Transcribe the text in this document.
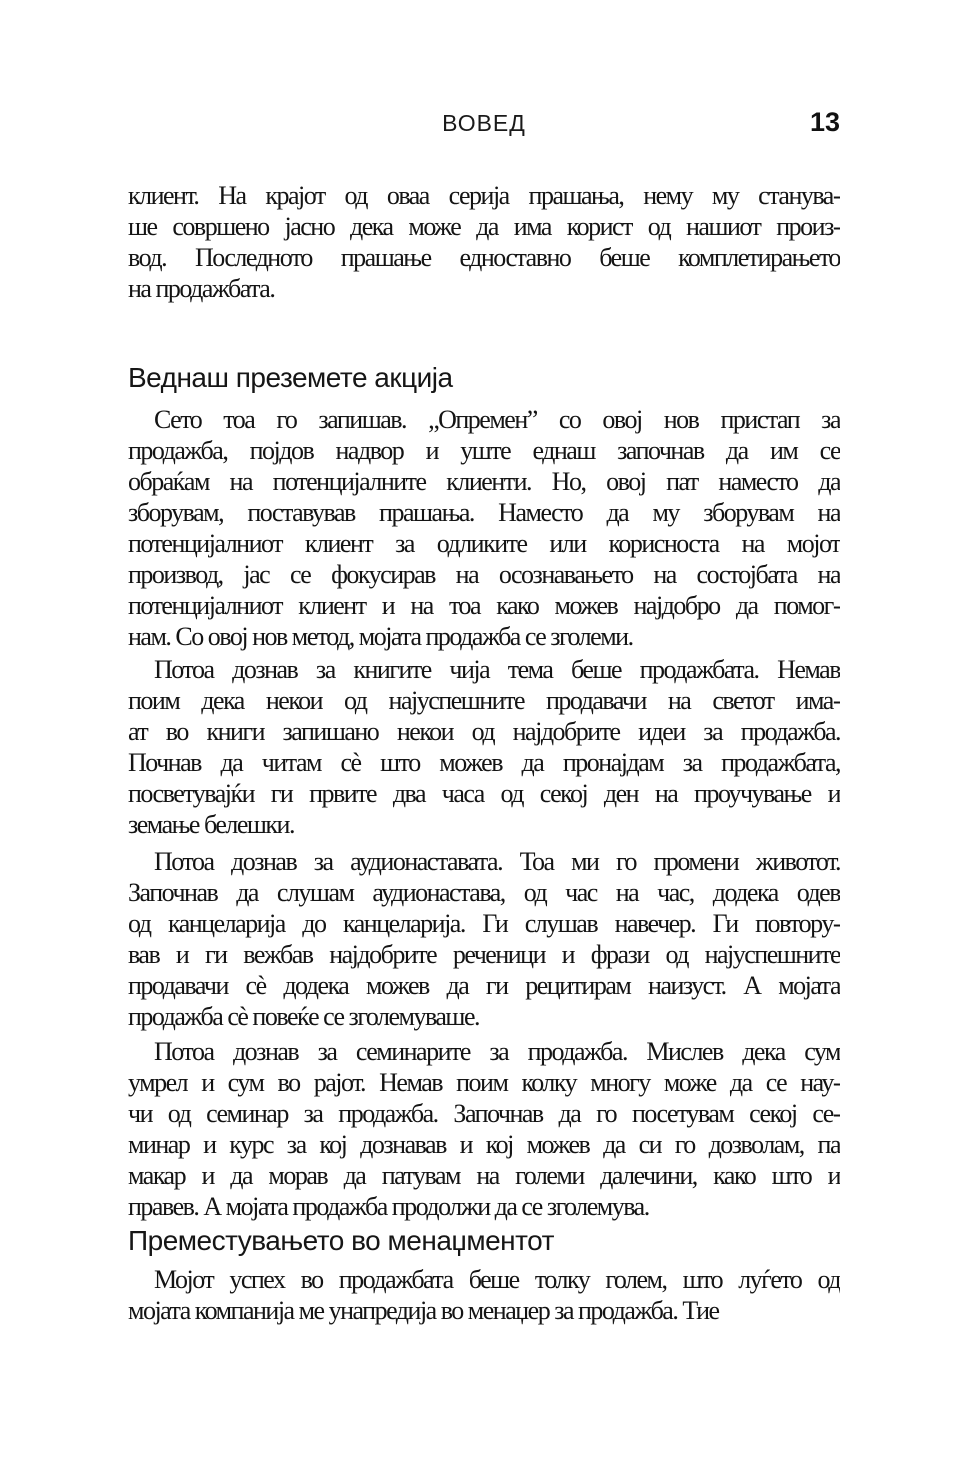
ВОВЕД	13
клиент. На крајот од оваа серија прашања, нему му станува-
ше совршено јасно дека може да има корист од нашиот произ-
вод. Последното прашање едноставно беше комплетирањето
на продажбата.
Веднаш преземете акција
Сето тоа го запишав. „Опремен” со овој нов пристап за
продажба, појдов надвор и уште еднаш започнав да им се
обраќам на потенцијалните клиенти. Но, овој пат наместо да
зборувам, поставував прашања. Наместо да му зборувам на
потенцијалниот клиент за одликите или корисноста на мојот
производ, јас се фокусирав на осознавањето на состојбата на
потенцијалниот клиент и на тоа како можев најдобро да помог-
нам. Со овој нов метод, мојата продажба се зголеми.
Потоа дознав за книгите чија тема беше продажбата. Немав
поим дека некои од најуспешните продавачи на светот има-
ат во книги запишано некои од најдобрите идеи за продажба.
Почнав да читам сѐ што можев да пронајдам за продажбата,
посветувајќи ги првите два часа од секој ден на проучување и
земање белешки.
Потоа дознав за аудионаставата. Тоа ми го промени животот.
Започнав да слушам аудионастава, од час на час, додека одев
од канцеларија до канцеларија. Ги слушав навечер. Ги повтору-
вав и ги вежбав најдобрите реченици и фрази од најуспешните
продавачи сѐ додека можев да ги рецитирам наизуст. А мојата
продажба сѐ повеќе се зголемуваше.
Потоа дознав за семинарите за продажба. Мислев дека сум
умрел и сум во рајот. Немав поим колку многу може да се нау-
чи од семинар за продажба. Започнав да го посетувам секој се-
минар и курс за кој дознавав и кој можев да си го дозволам, па
макар и да морав да патувам на големи далечини, како што и
правев. А мојата продажба продолжи да се зголемува.
Преместувањето во менаџментот
Мојот успех во продажбата беше толку голем, што луѓето од
мојата компанија ме унапредија во менаџер за продажба. Тие
